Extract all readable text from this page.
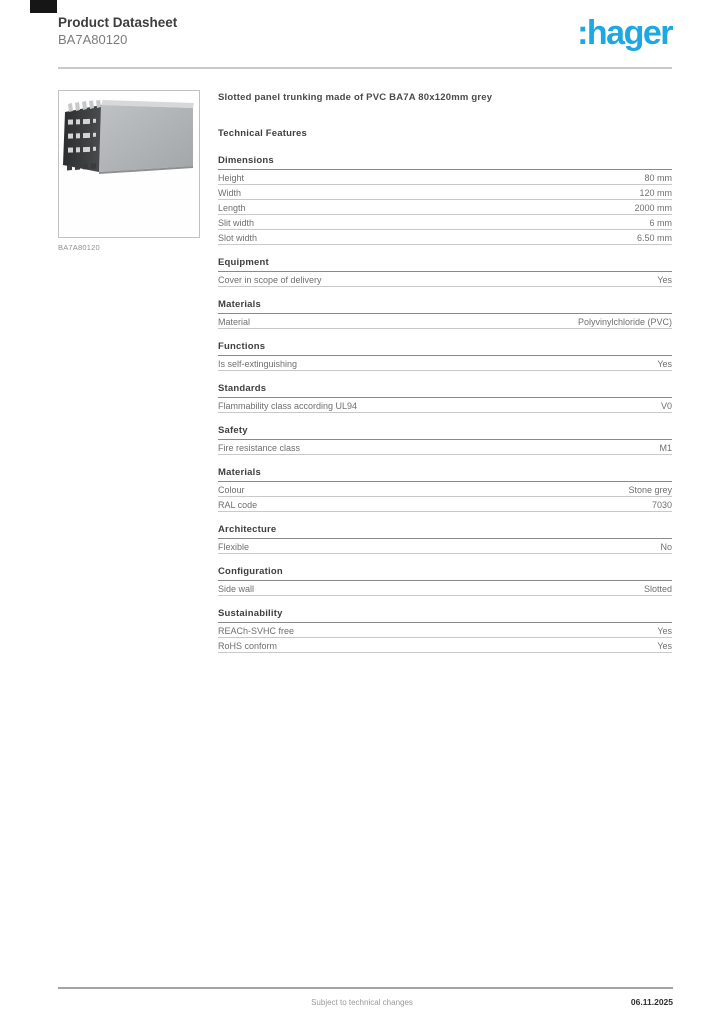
Product Datasheet
BA7A80120	:hager
BA7A80120
Slotted panel trunking made of PVC BA7A 80x120mm grey
Technical Features
Dimensions
Height	80 mm
Width	120 mm
Length	2000 mm
Slit width	6 mm
Slot width	6.50 mm
Equipment
Cover in scope of delivery	Yes
Materials
Material	Polyvinylchloride (PVC)
Functions
Is self-extinguishing	Yes
Standards
Flammability class according UL94	V0
Safety
Fire resistance class	M1
Materials
Colour	Stone grey
RAL code	7030
Architecture
Flexible	No
Configuration
Side wall	Slotted
Sustainability
REACh-SVHC free	Yes
RoHS conform	Yes
Subject to technical changes	06.11.2025
